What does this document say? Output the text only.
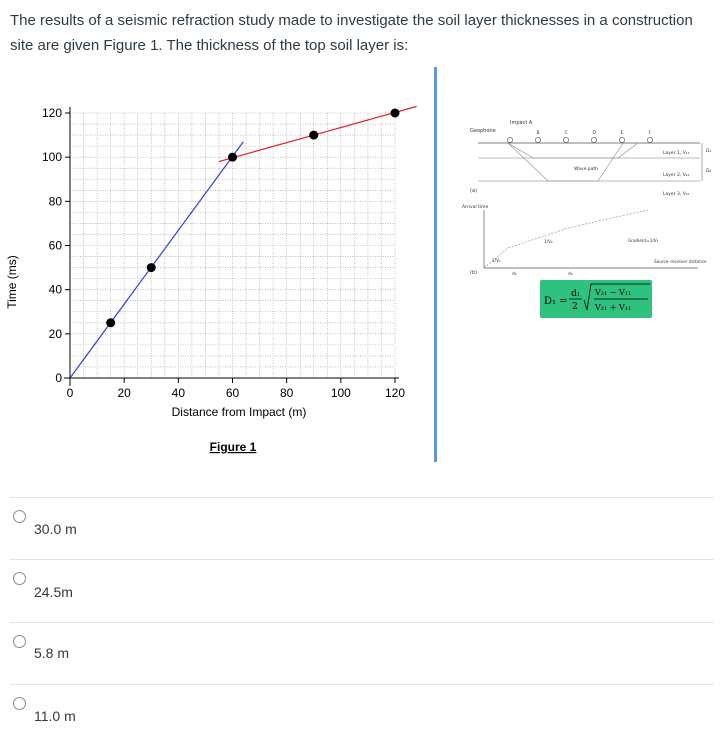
The results of a seismic refraction study made to investigate the soil layer thicknesses in a construction site are given Figure 1. The thickness of the top soil layer is:

0	20	40	60	80	100	120
0
20
40
60
80
100
120
Time (ms)
Distance from Impact (m)
Figure 1
Impact A
Geophone	B	C	D	E	F
Wave path
Layer 1, V₁₁
Layer 2, V₂₁
Layer 3, V₃₁
D₁
D₂
(a)
Arrival time
1/V₁
1/V₂	Gradient=1/V₃
d₁	d₂
Source–receiver distance
(b)
D₁ =
d₁
2
V₂₁ − V₁₁
V₂₁ + V₁₁
30.0 m
24.5m
5.8 m
11.0 m
